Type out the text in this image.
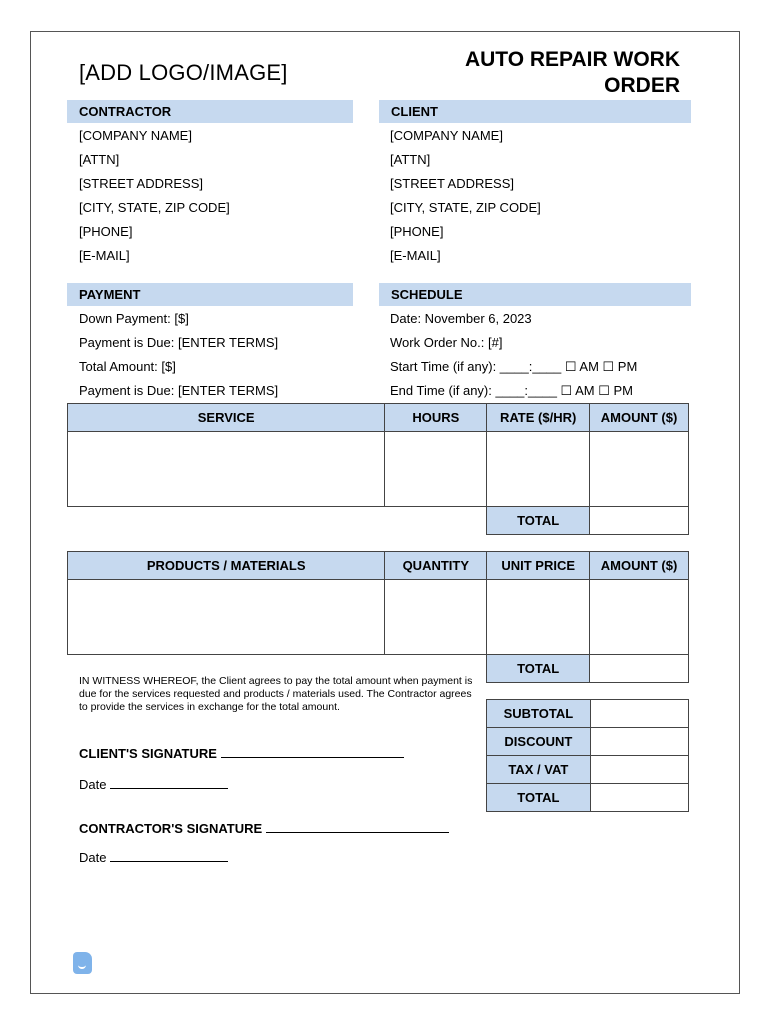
[ADD LOGO/IMAGE]
AUTO REPAIR WORK
ORDER
CONTRACTOR	CLIENT
[COMPANY NAME]
[ATTN]
[STREET ADDRESS]
[CITY, STATE, ZIP CODE]
[PHONE]
[E-MAIL]
[COMPANY NAME]
[ATTN]
[STREET ADDRESS]
[CITY, STATE, ZIP CODE]
[PHONE]
[E-MAIL]
PAYMENT	SCHEDULE
Down Payment: [$]
Payment is Due: [ENTER TERMS]
Total Amount: [$]
Payment is Due: [ENTER TERMS]
Date: November 6, 2023
Work Order No.: [#]
Start Time (if any): ____:____ ☐ AM ☐ PM
End Time (if any): ____:____ ☐ AM ☐ PM
SERVICE	HOURS	RATE ($/HR)	AMOUNT ($)

		TOTAL	
PRODUCTS / MATERIALS	QUANTITY	UNIT PRICE	AMOUNT ($)

		TOTAL	
SUBTOTAL	
DISCOUNT	
TAX / VAT	
TOTAL	
IN WITNESS WHEREOF, the Client agrees to pay the total amount when payment is due for the services requested and products / materials used. The Contractor agrees to provide the services in exchange for the total amount.
CLIENT'S SIGNATURE
Date
CONTRACTOR'S SIGNATURE
Date
